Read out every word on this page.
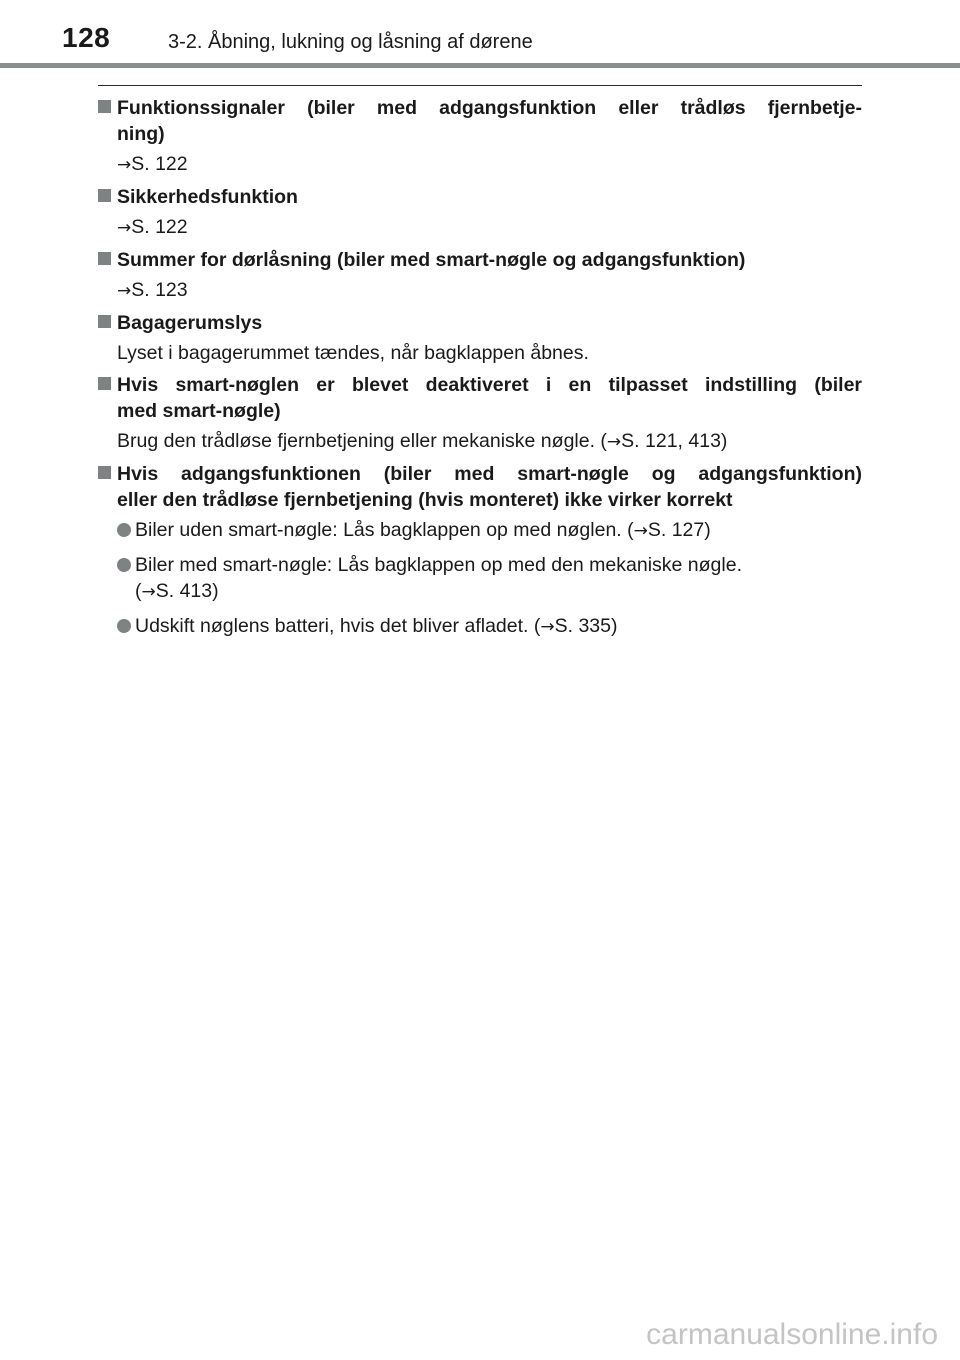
128	3-2. Åbning, lukning og låsning af dørene
Funktionssignaler (biler med adgangsfunktion eller trådløs fjernbetje-
ning)
→S. 122
Sikkerhedsfunktion
→S. 122
Summer for dørlåsning (biler med smart-nøgle og adgangsfunktion)
→S. 123
Bagagerumslys
Lyset i bagagerummet tændes, når bagklappen åbnes.
Hvis smart-nøglen er blevet deaktiveret i en tilpasset indstilling (biler
med smart-nøgle)
Brug den trådløse fjernbetjening eller mekaniske nøgle. (→S. 121, 413)
Hvis adgangsfunktionen (biler med smart-nøgle og adgangsfunktion)
eller den trådløse fjernbetjening (hvis monteret) ikke virker korrekt
Biler uden smart-nøgle: Lås bagklappen op med nøglen. (→S. 127)
Biler med smart-nøgle: Lås bagklappen op med den mekaniske nøgle.
(→S. 413)
Udskift nøglens batteri, hvis det bliver afladet. (→S. 335)
carmanualsonline.info
